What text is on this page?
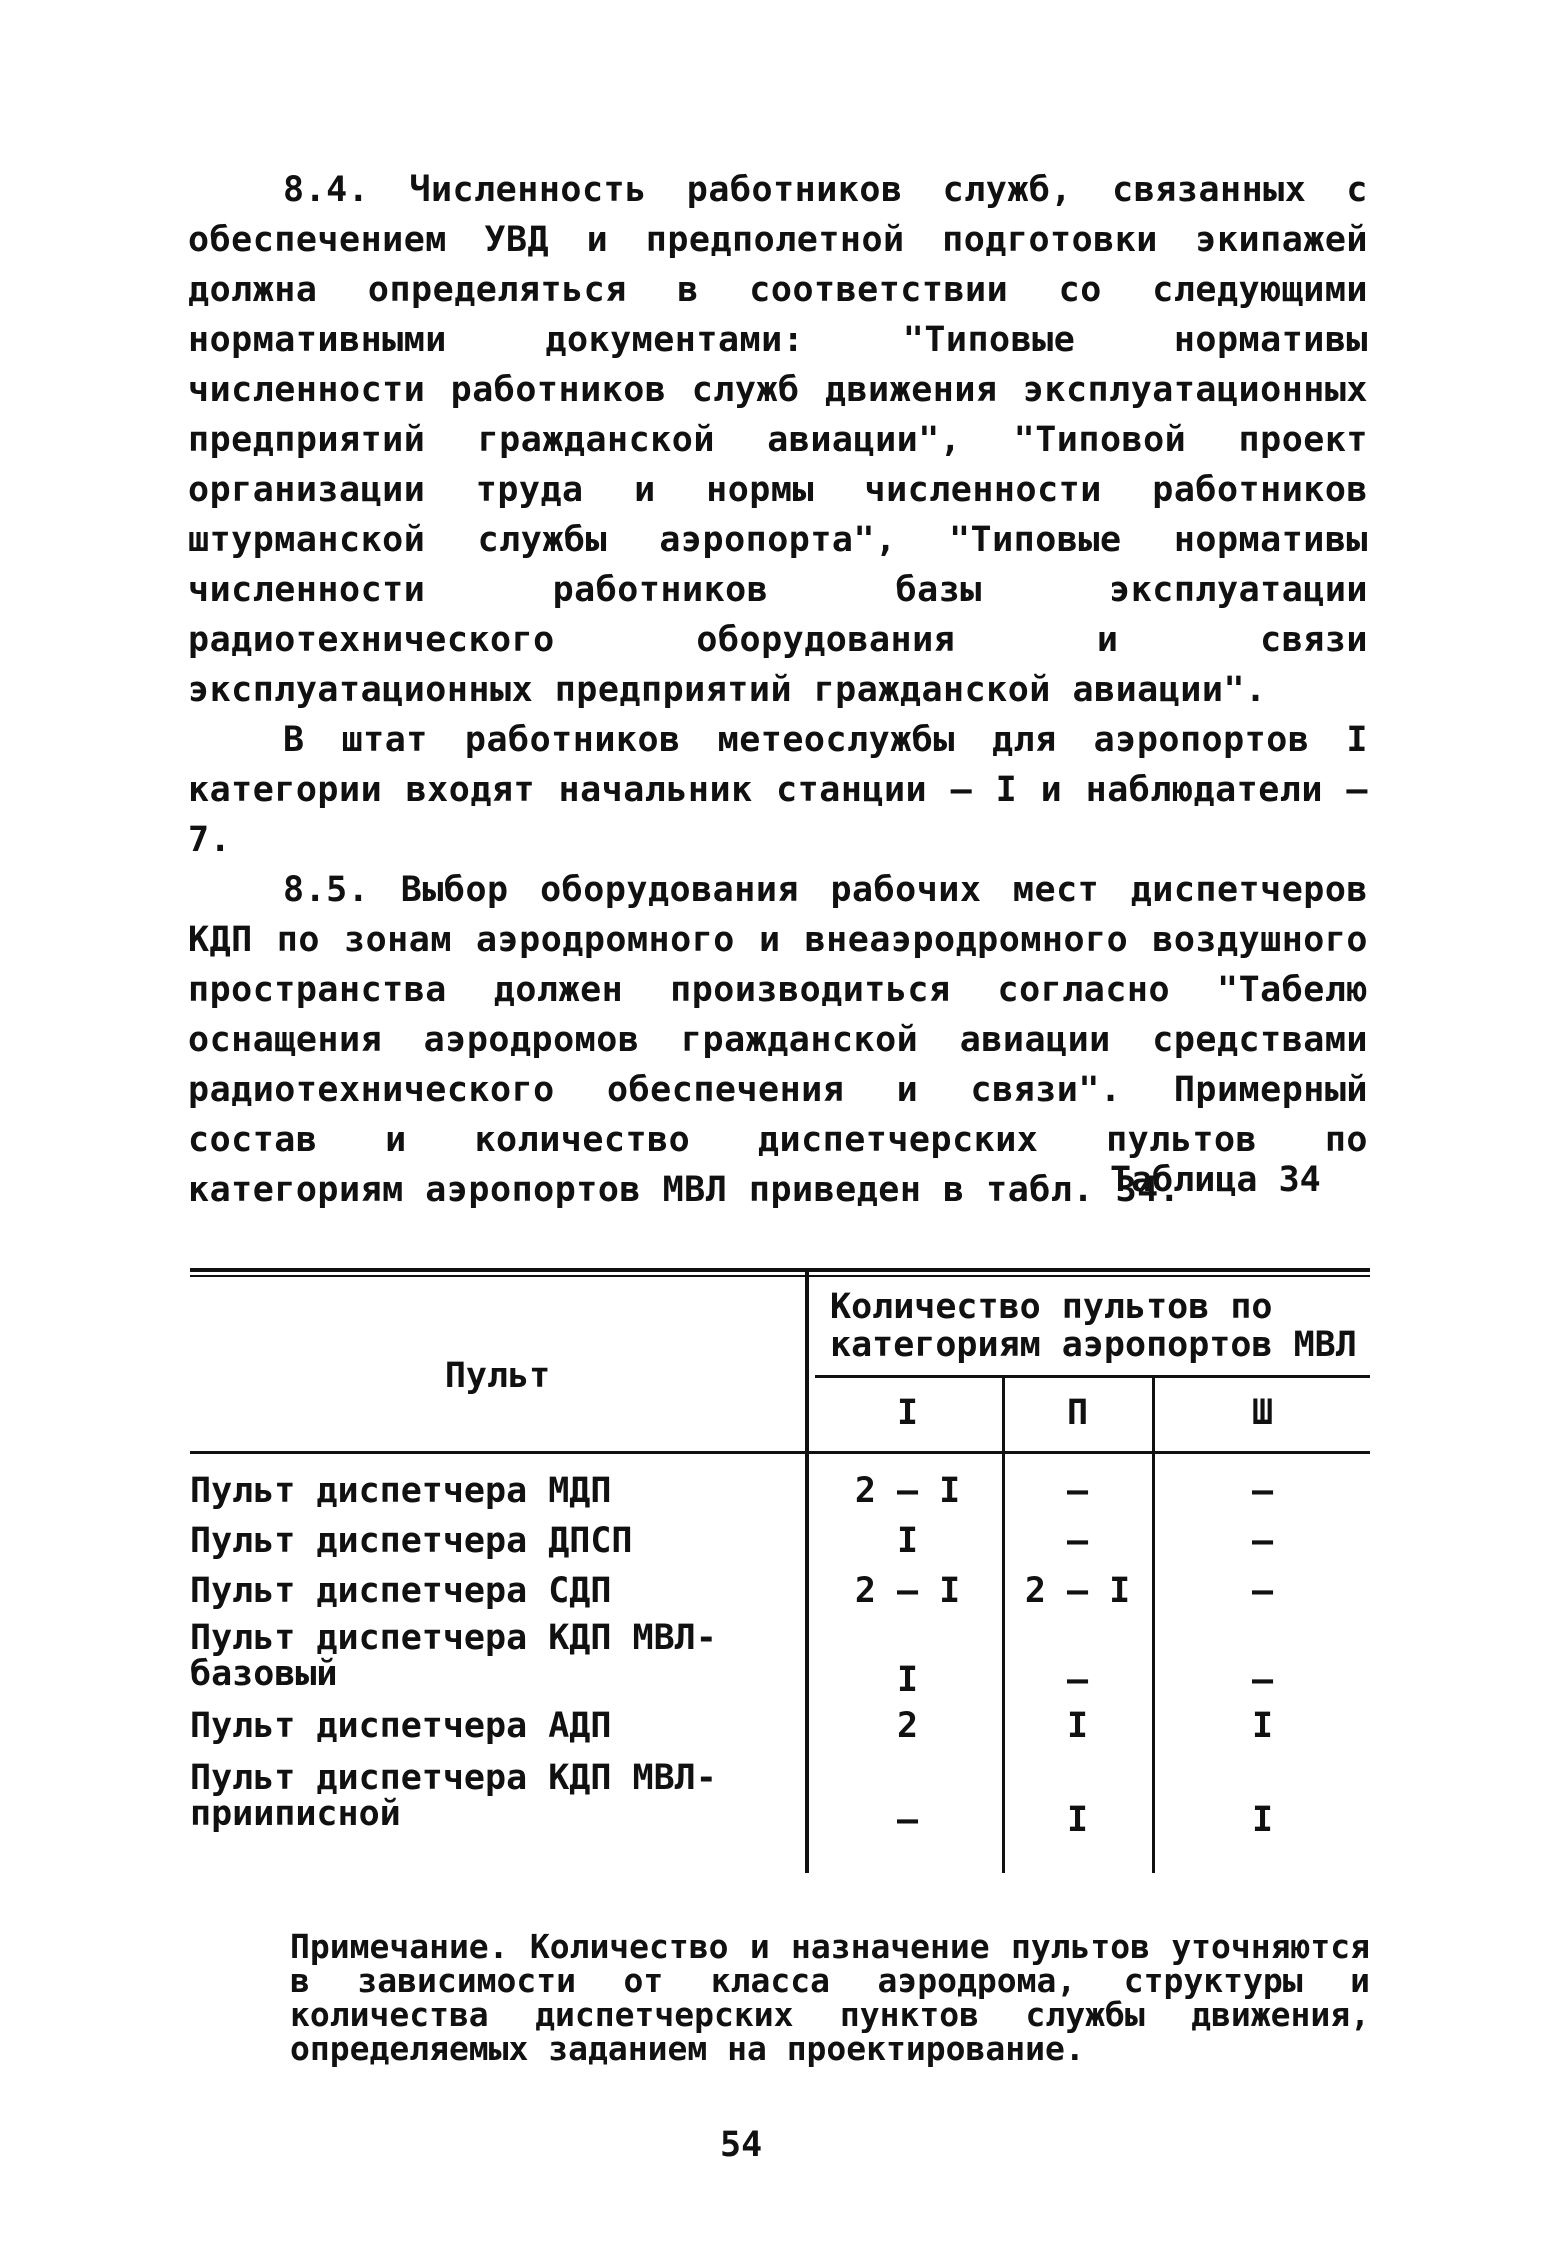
8.4. Численность работников служб, связанных с обеспечением УВД и предполетной подготовки экипажей должна определяться в соответствии со следующими нормативными документами: "Типовые нормативы численности работников служб движения эксплуатационных предприятий гражданской авиации", "Типовой проект организации труда и нормы численности работников штурманской службы аэропорта", "Типовые нормативы численности работников базы эксплуатации радиотехнического оборудования и связи эксплуатационных предприятий гражданской авиации".

В штат работников метеослужбы для аэропортов I категории входят начальник станции – I и наблюдатели – 7.

8.5. Выбор оборудования рабочих мест диспетчеров КДП по зонам аэродромного и внеаэродромного воздушного пространства должен производиться согласно "Табелю оснащения аэродромов гражданской авиации средствами радиотехнического обеспечения и связи". Примерный состав и количество диспетчерских пультов по категориям аэропортов МВЛ приведен в табл. 34.

Таблица 34
Пульт
Количество пультов по категориям аэропортов МВЛ
I	П	Ш
Пульт диспетчера МДП	2 – I	–	–
Пульт диспетчера ДПСП	I	–	–
Пульт диспетчера СДП	2 – I	2 – I	–
Пульт диспетчера КДП МВЛ-базовый	I	–	–
Пульт диспетчера АДП	2	I	I
Пульт диспетчера КДП МВЛ-прииписной	–	I	I
Примечание. Количество и назначение пультов уточняются в зависимости от класса аэродрома, структуры и количества диспетчерских пунктов службы движения, определяемых заданием на проектирование.
54
